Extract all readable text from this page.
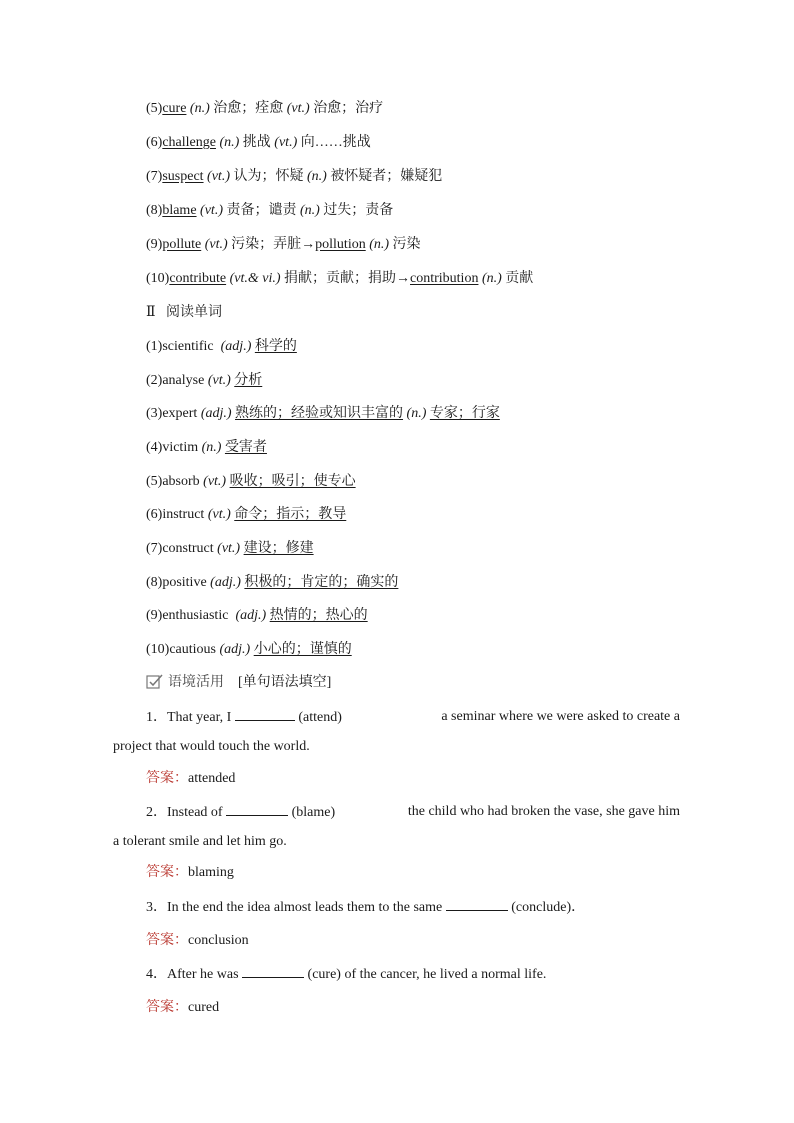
(5)cure (n.) 治愈；痊愈 (vt.) 治愈；治疗
(6)challenge (n.) 挑战 (vt.) 向……挑战
(7)suspect (vt.) 认为；怀疑 (n.) 被怀疑者；嫌疑犯
(8)blame (vt.) 责备；谴责 (n.) 过失；责备
(9)pollute (vt.) 污染；弄脏→pollution (n.) 污染
(10)contribute (vt.& vi.) 捐献；贡献；捐助→contribution (n.) 贡献
Ⅱ 阅读单词
(1)scientific (adj.) 科学的
(2)analyse (vt.) 分析
(3)expert (adj.) 熟练的；经验或知识丰富的 (n.) 专家；行家
(4)victim (n.) 受害者
(5)absorb (vt.) 吸收；吸引；使专心
(6)instruct (vt.) 命令；指示；教导
(7)construct (vt.) 建设；修建
(8)positive (adj.) 积极的；肯定的；确实的
(9)enthusiastic (adj.) 热情的；热心的
(10)cautious (adj.) 小心的；谨慎的
语境活用 [单句语法填空]
1．That year, I	(attend)	a seminar where we were asked to create a
project that would touch the world.
答案：attended
2．Instead of	(blame)	the child who had broken the vase, she gave him
a tolerant smile and let him go.
答案：blaming
3．In the end the idea almost leads them to the same	(conclude)．
答案：conclusion
4．After he was	(cure) of the cancer, he lived a normal life.
答案：cured
